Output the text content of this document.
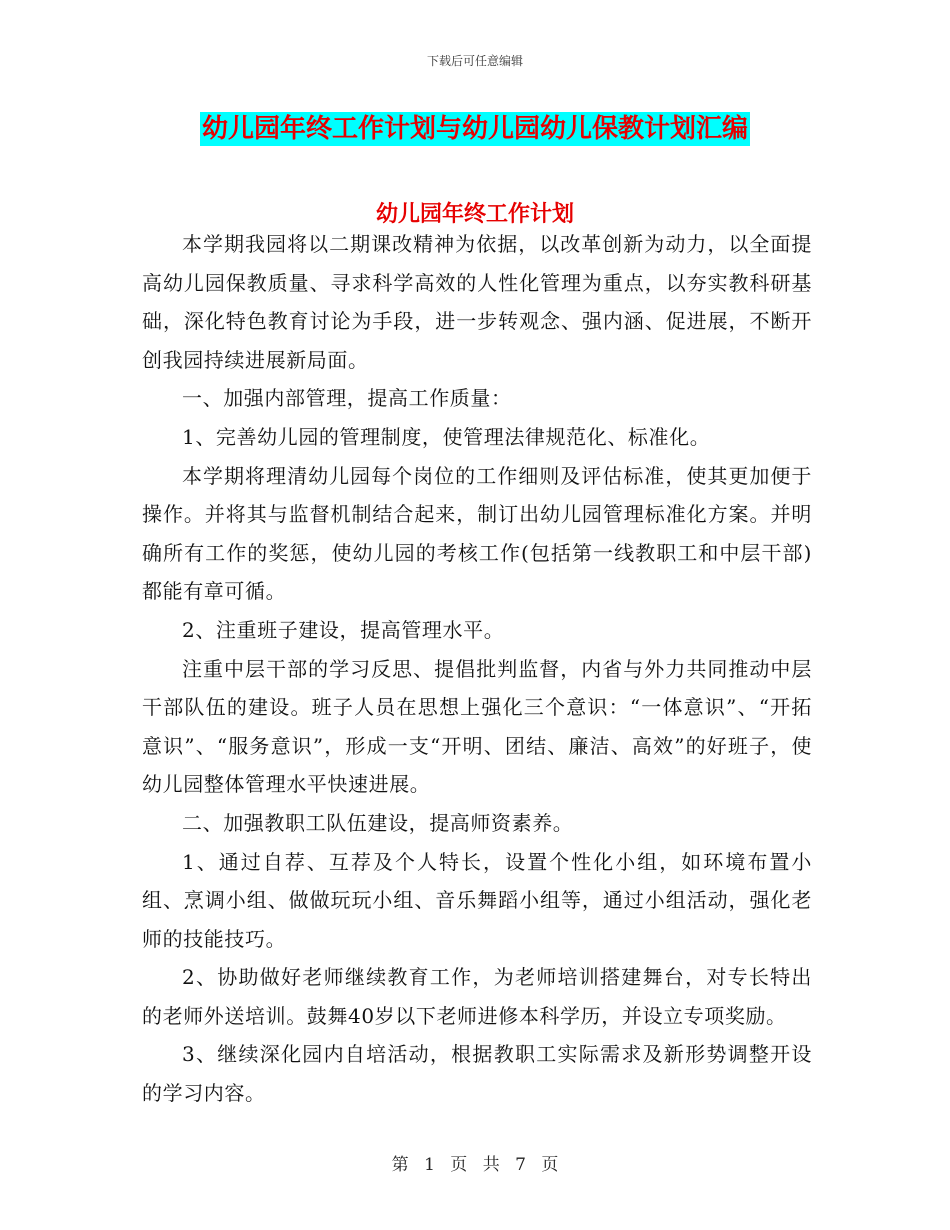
下载后可任意编辑
幼儿园年终工作计划与幼儿园幼儿保教计划汇编
幼儿园年终工作计划

本学期我园将以二期课改精神为依据，以改革创新为动力，以全面提高幼儿园保教质量、寻求科学高效的人性化管理为重点，以夯实教科研基础，深化特色教育讨论为手段，进一步转观念、强内涵、促进展，不断开创我园持续进展新局面。

一、加强内部管理，提高工作质量：

1、完善幼儿园的管理制度，使管理法律规范化、标准化。

本学期将理清幼儿园每个岗位的工作细则及评估标准，使其更加便于操作。并将其与监督机制结合起来，制订出幼儿园管理标准化方案。并明确所有工作的奖惩，使幼儿园的考核工作(包括第一线教职工和中层干部)都能有章可循。

2、注重班子建设，提高管理水平。

注重中层干部的学习反思、提倡批判监督，内省与外力共同推动中层干部队伍的建设。班子人员在思想上强化三个意识：“一体意识”、“开拓意识”、“服务意识”，形成一支“开明、团结、廉洁、高效”的好班子，使幼儿园整体管理水平快速进展。

二、加强教职工队伍建设，提高师资素养。

1、通过自荐、互荐及个人特长，设置个性化小组，如环境布置小组、烹调小组、做做玩玩小组、音乐舞蹈小组等，通过小组活动，强化老师的技能技巧。

2、协助做好老师继续教育工作，为老师培训搭建舞台，对专长特出的老师外送培训。鼓舞40岁以下老师进修本科学历，并设立专项奖励。

3、继续深化园内自培活动，根据教职工实际需求及新形势调整开设的学习内容。

第 1 页 共 7 页
